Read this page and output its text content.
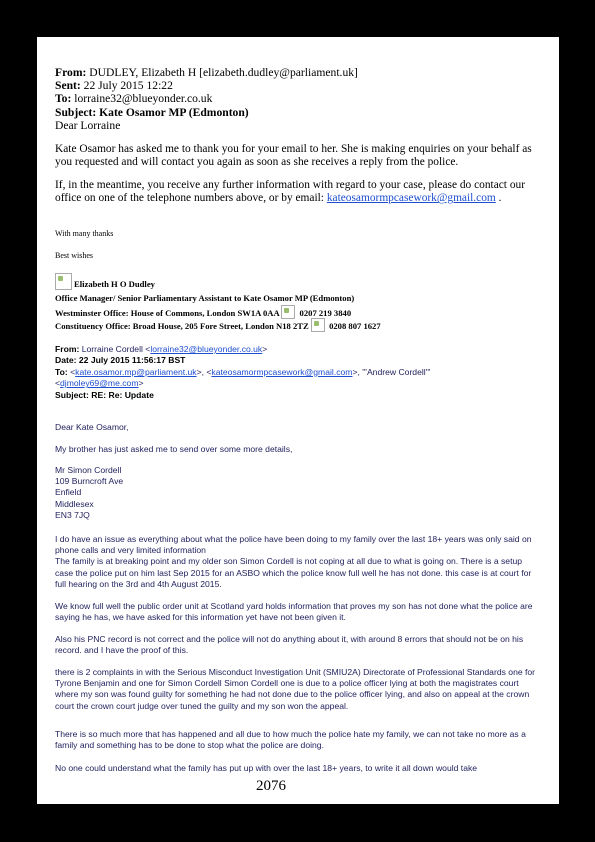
From: DUDLEY, Elizabeth H [elizabeth.dudley@parliament.uk]
Sent: 22 July 2015 12:22
To: lorraine32@blueyonder.co.uk
Subject: Kate Osamor MP (Edmonton)
Dear Lorraine
Kate Osamor has asked me to thank you for your email to her. She is making enquiries on your behalf as you requested and will contact you again as soon as she receives a reply from the police.
If, in the meantime, you receive any further information with regard to your case, please do contact our office on one of the telephone numbers above, or by email: kateosamormpcasework@gmail.com .
With many thanks
Best wishes
Elizabeth H O Dudley
Office Manager/ Senior Parliamentary Assistant to Kate Osamor MP (Edmonton)
Westminster Office: House of Commons, London SW1A 0AA  0207 219 3840
Constituency Office: Broad House, 205 Fore Street, London N18 2TZ  0208 807 1627
From: Lorraine Cordell <lorraine32@blueyonder.co.uk>
Date: 22 July 2015 11:56:17 BST
To: <kate.osamor.mp@parliament.uk>, <kateosamormpcasework@gmail.com>, "'Andrew Cordell'"
<djmoley69@me.com>
Subject: RE: Re: Update
Dear Kate Osamor,
My brother has just asked me to send over some more details,
Mr Simon Cordell
109 Burncroft Ave
Enfield
Middlesex
EN3 7JQ
I do have an issue as everything about what the police have been doing to my family over the last 18+ years was only said on phone calls and very limited information
The family is at breaking point and my older son Simon Cordell is not coping at all due to what is going on. There is a setup case the police put on him last Sep 2015 for an ASBO which the police know full well he has not done. this case is at court for full hearing on the 3rd and 4th August 2015.
We know full well the public order unit at Scotland yard holds information that proves my son has not done what the police are saying he has, we have asked for this information yet have not been given it.
Also his PNC record is not correct and the police will not do anything about it, with around 8 errors that should not be on his record. and I have the proof of this.
there is 2 complaints in with the Serious Misconduct Investigation Unit (SMIU2A) Directorate of Professional Standards one for Tyrone Benjamin and one for Simon Cordell Simon Cordell one is due to a police officer lying at both the magistrates court where my son was found guilty for something he had not done due to the police officer lying, and also on appeal at the crown court the crown court judge over tuned the guilty and my son won the appeal.
There is so much more that has happened and all due to how much the police hate my family, we can not take no more as a family and something has to be done to stop what the police are doing.
No one could understand what the family has put up with over the last 18+ years, to write it all down would take
2076
